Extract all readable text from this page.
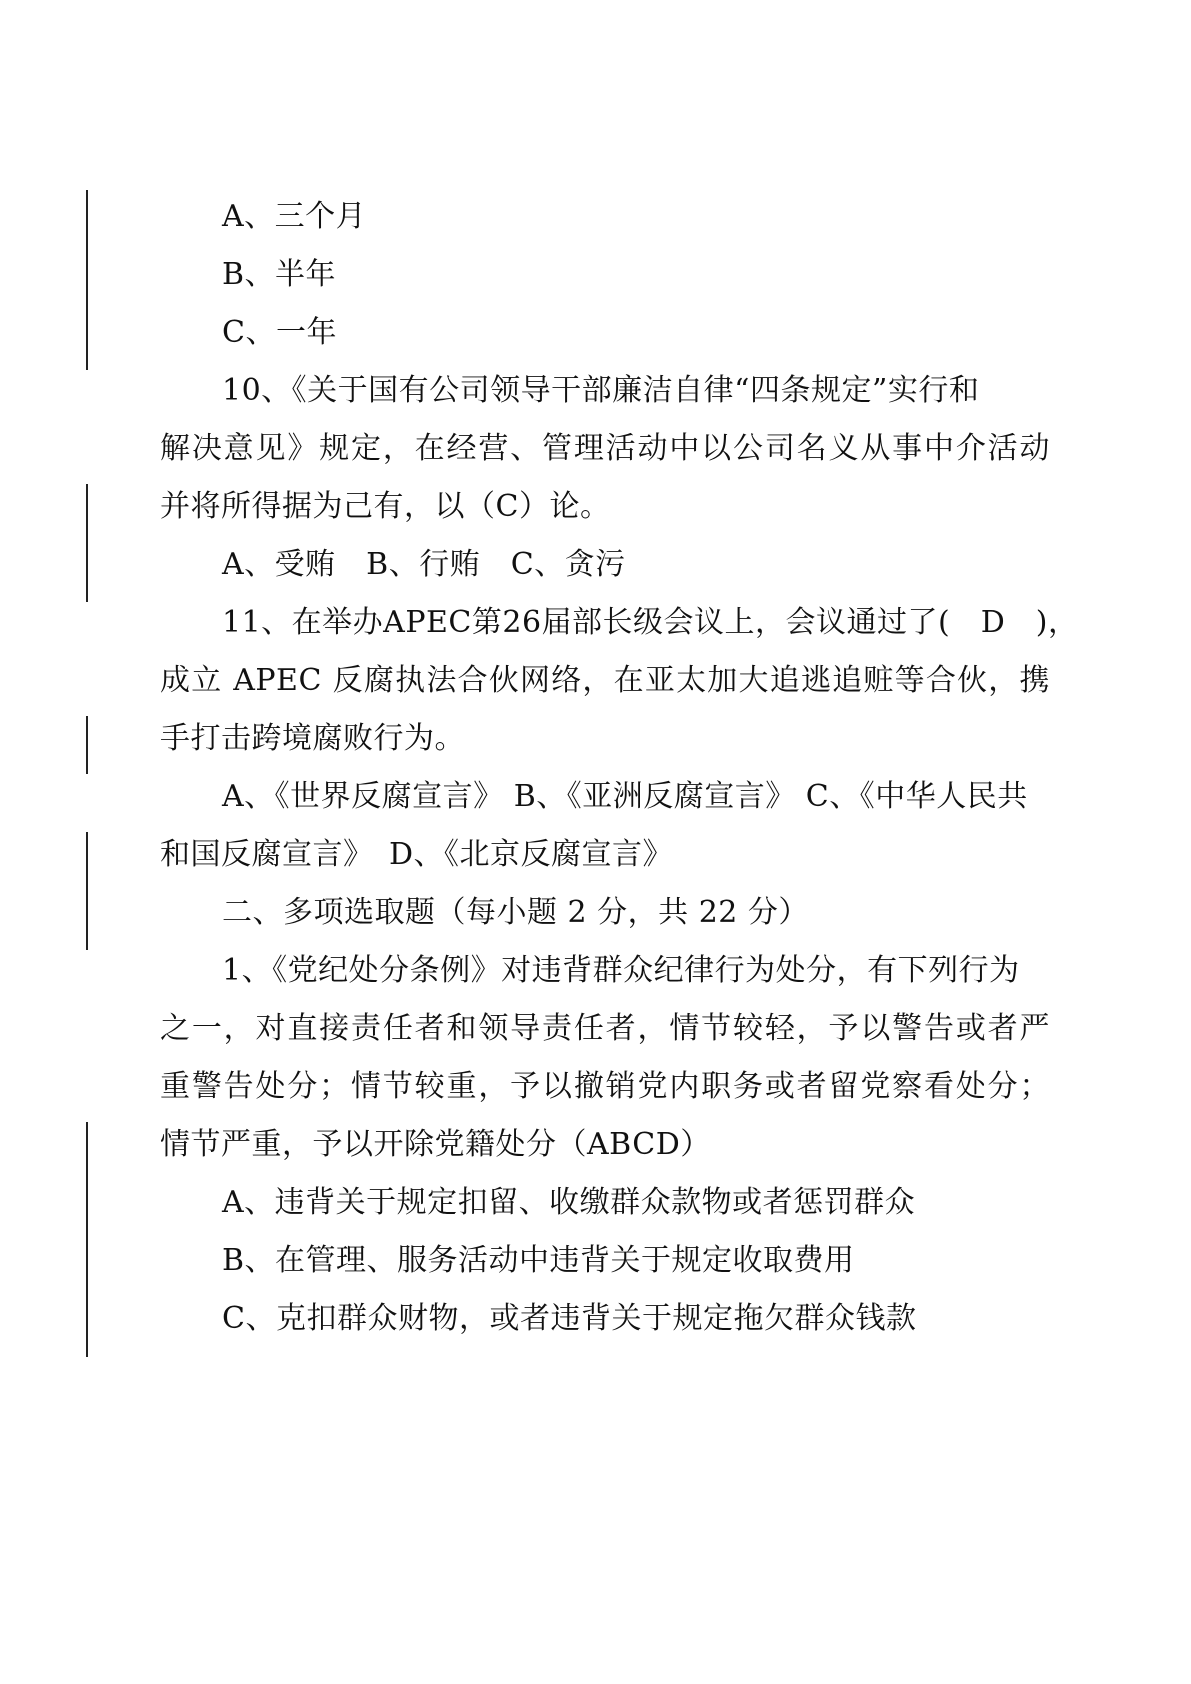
A、三个月
B、半年
C、一年
10、《关于国有公司领导干部廉洁自律“四条规定”实行和
解决意见》规定，在经营、管理活动中以公司名义从事中介活动
并将所得据为己有，以（C）论。
A、受贿　B、行贿　C、贪污
11、在举办APEC第26届部长级会议上，会议通过了(　D　)，
成立 APEC 反腐执法合伙网络，在亚太加大追逃追赃等合伙，携
手打击跨境腐败行为。
A、《世界反腐宣言》 B、《亚洲反腐宣言》 C、《中华人民共
和国反腐宣言》　D、《北京反腐宣言》
二、多项选取题（每小题 2 分，共 22 分）
1、《党纪处分条例》对违背群众纪律行为处分，有下列行为
之一，对直接责任者和领导责任者，情节较轻，予以警告或者严
重警告处分；情节较重，予以撤销党内职务或者留党察看处分；
情节严重，予以开除党籍处分（ABCD）
A、违背关于规定扣留、收缴群众款物或者惩罚群众
B、在管理、服务活动中违背关于规定收取费用
C、克扣群众财物，或者违背关于规定拖欠群众钱款
